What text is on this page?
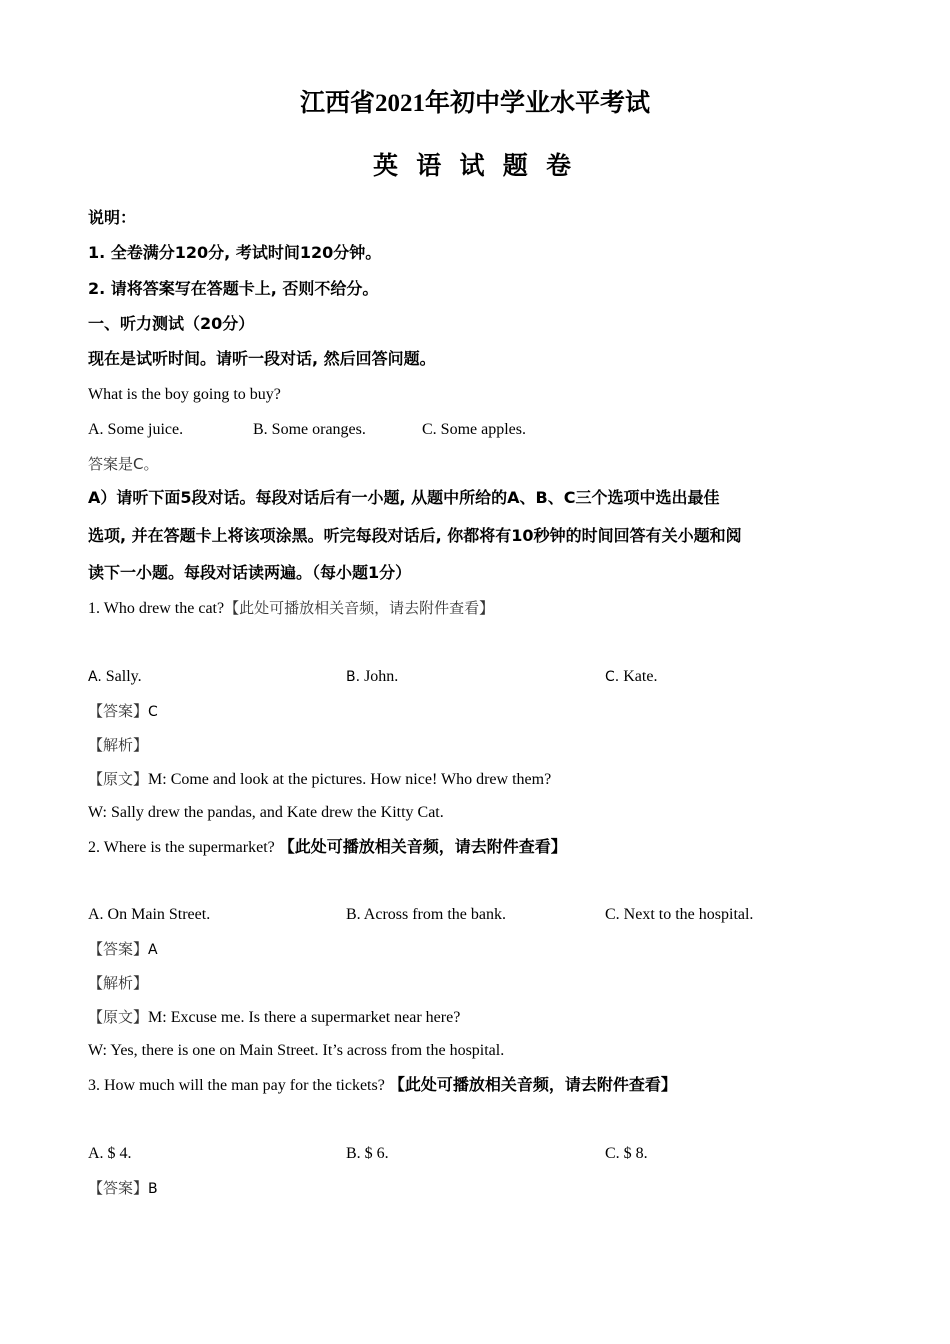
江西省2021年初中学业水平考试
英 语 试 题 卷
说明：
1. 全卷满分120分, 考试时间120分钟。
2. 请将答案写在答题卡上, 否则不给分。
一、听力测试（20分）
现在是试听时间。请听一段对话, 然后回答问题。
What is the boy going to buy?
A. Some juice.	B. Some oranges.	C. Some apples.
答案是C。
A）请听下面5段对话。每段对话后有一小题, 从题中所给的A、B、C三个选项中选出最佳
选项, 并在答题卡上将该项涂黑。听完每段对话后, 你都将有10秒钟的时间回答有关小题和阅
读下一小题。每段对话读两遍。（每小题1分）
1. Who drew the cat?【此处可播放相关音频，请去附件查看】
A. Sally.	B. John.	C. Kate.
【答案】C
【解析】
【原文】M: Come and look at the pictures. How nice! Who drew them?
W: Sally drew the pandas, and Kate drew the Kitty Cat.
2. Where is the supermarket? 【此处可播放相关音频，请去附件查看】
A. On Main Street.	B. Across from the bank.	C. Next to the hospital.
【答案】A
【解析】
【原文】M: Excuse me. Is there a supermarket near here?
W: Yes, there is one on Main Street. It’s across from the hospital.
3. How much will the man pay for the tickets? 【此处可播放相关音频，请去附件查看】
A. $ 4.	B. $ 6.	C. $ 8.
【答案】B
